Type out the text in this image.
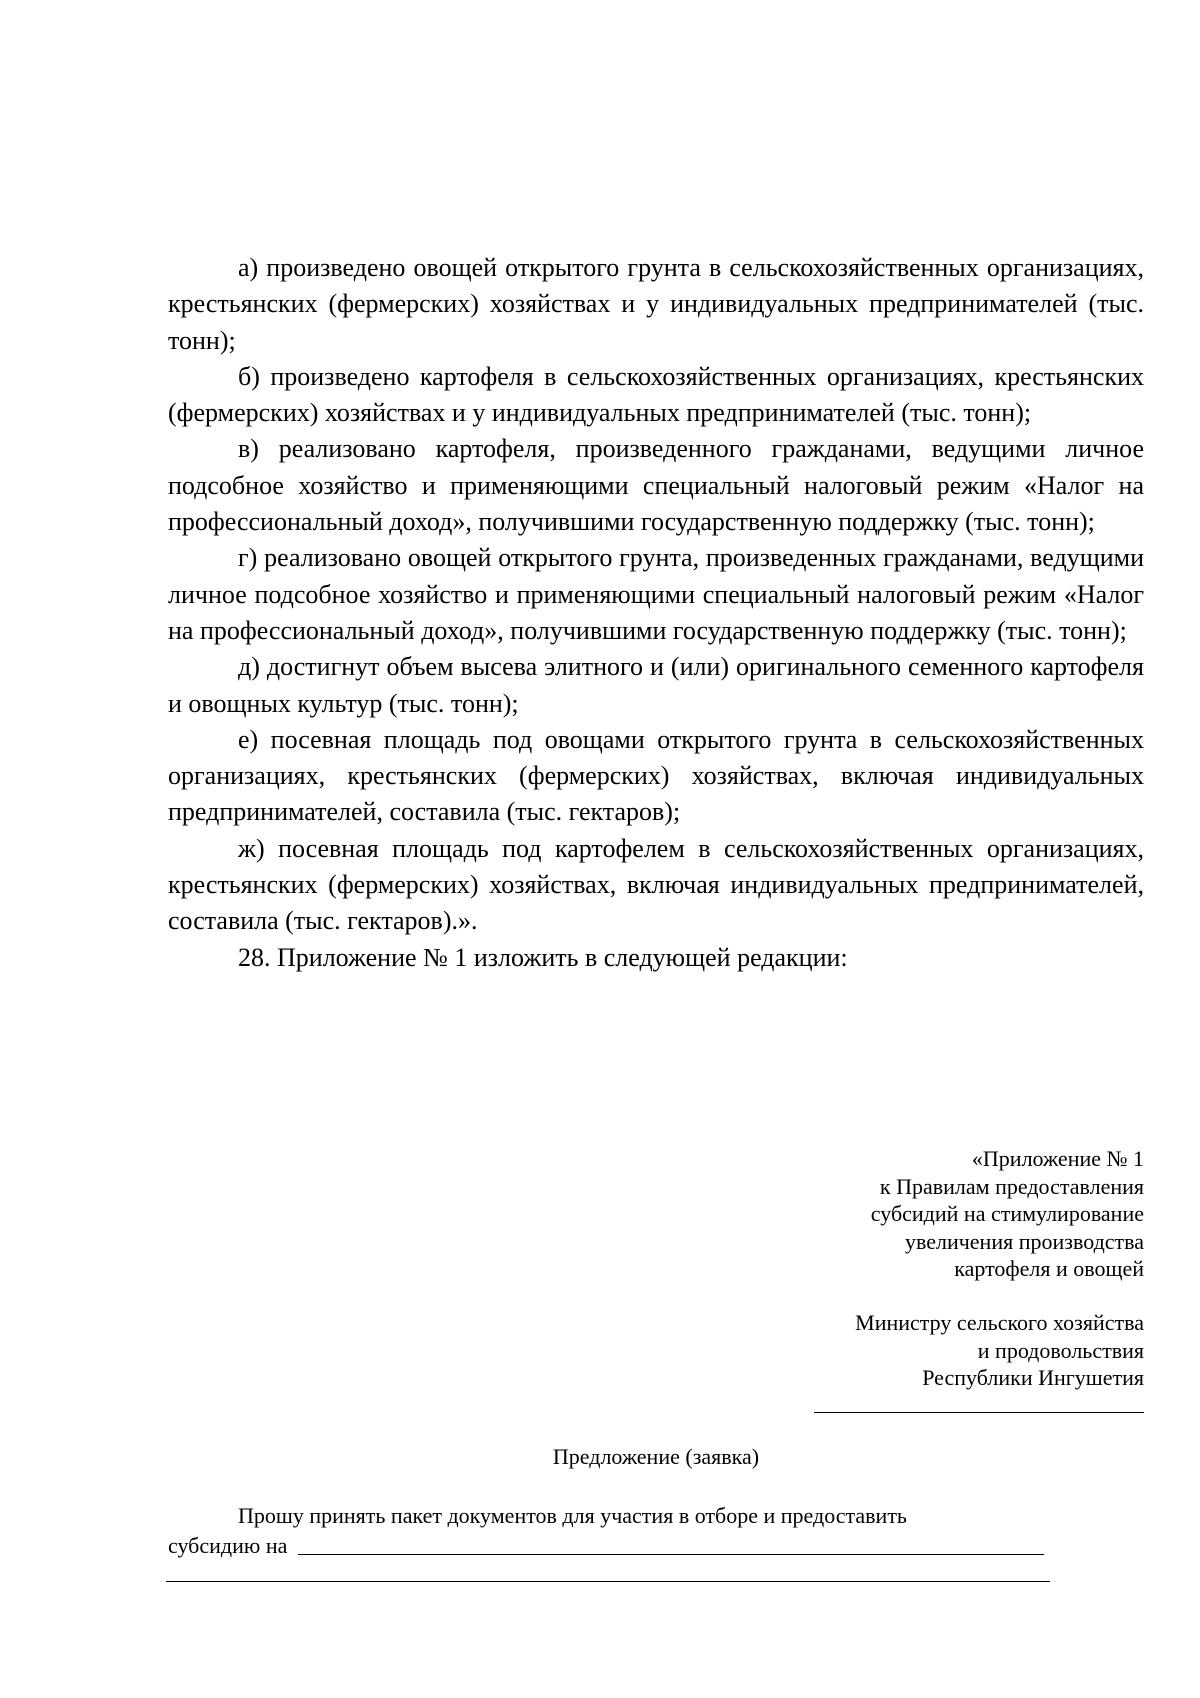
а) произведено овощей открытого грунта в сельскохозяйственных организациях, крестьянских (фермерских) хозяйствах и у индивидуальных предпринимателей (тыс. тонн);

б) произведено картофеля в сельскохозяйственных организациях, крестьянских (фермерских) хозяйствах и у индивидуальных предпринимателей (тыс. тонн);

в) реализовано картофеля, произведенного гражданами, ведущими личное подсобное хозяйство и применяющими специальный налоговый режим «Налог на профессиональный доход», получившими государственную поддержку (тыс. тонн);

г) реализовано овощей открытого грунта, произведенных гражданами, ведущими личное подсобное хозяйство и применяющими специальный налоговый режим «Налог на профессиональный доход», получившими государственную поддержку (тыс. тонн);

д) достигнут объем высева элитного и (или) оригинального семенного картофеля и овощных культур (тыс. тонн);

е) посевная площадь под овощами открытого грунта в сельскохозяйственных организациях, крестьянских (фермерских) хозяйствах, включая индивидуальных предпринимателей, составила (тыс. гектаров);

ж) посевная площадь под картофелем в сельскохозяйственных организациях, крестьянских (фермерских) хозяйствах, включая индивидуальных предпринимателей, составила (тыс. гектаров).».

28. Приложение № 1 изложить в следующей редакции:

«Приложение № 1
к Правилам предоставления
субсидий на стимулирование
увеличения производства
картофеля и овощей
Министру сельского хозяйства
и продовольствия
Республики Ингушетия
Предложение (заявка)
Прошу принять пакет документов для участия в отборе и предоставить
субсидию на
